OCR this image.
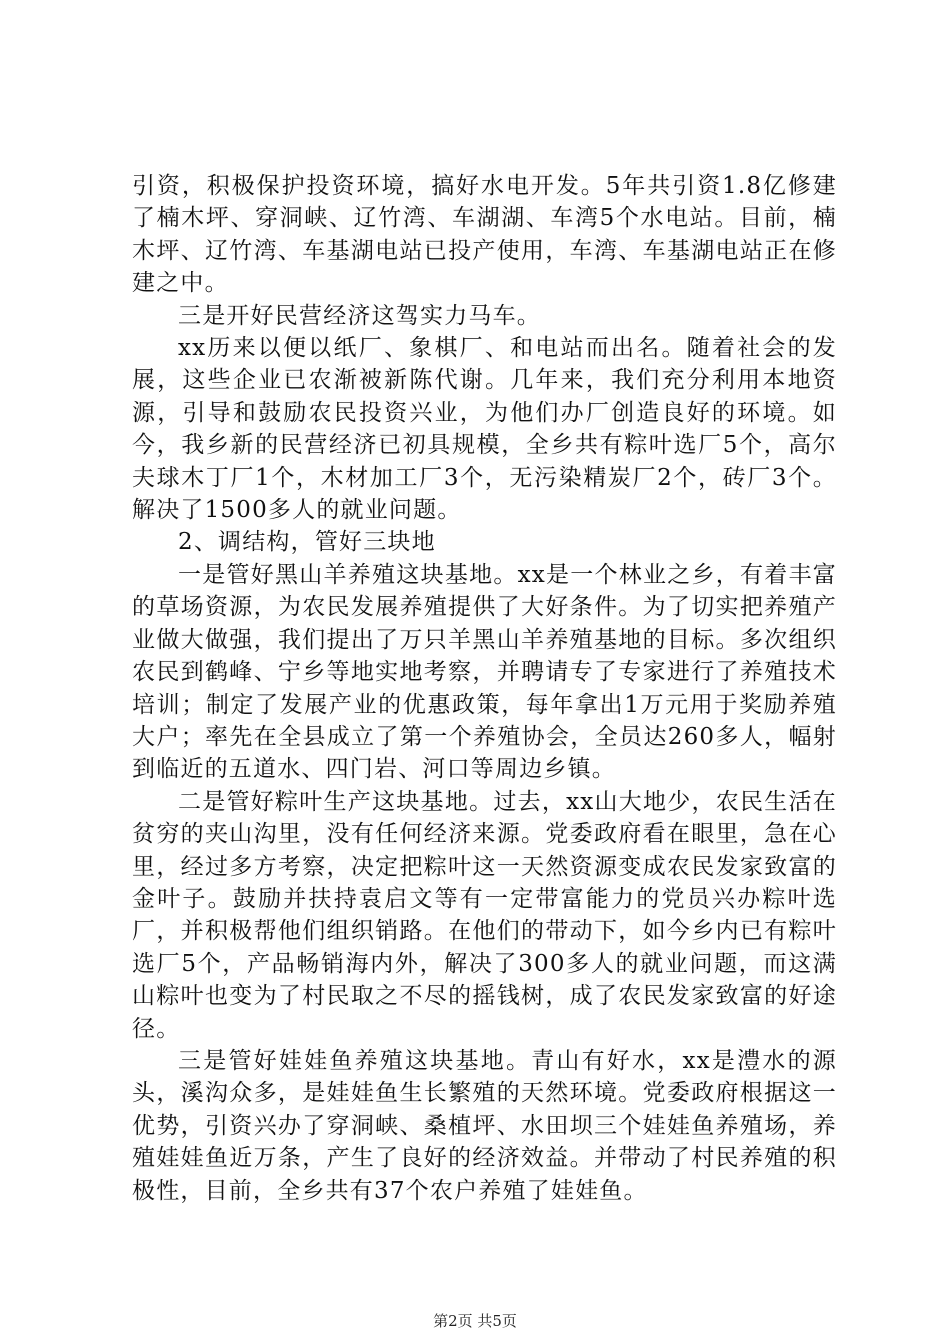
引资，积极保护投资环境，搞好水电开发。5年共引资1.8亿修建了楠木坪、穿洞峡、辽竹湾、车湖湖、车湾5个水电站。目前，楠木坪、辽竹湾、车基湖电站已投产使用，车湾、车基湖电站正在修建之中。

三是开好民营经济这驾实力马车。

xx历来以便以纸厂、象棋厂、和电站而出名。随着社会的发展，这些企业已农渐被新陈代谢。几年来，我们充分利用本地资源，引导和鼓励农民投资兴业，为他们办厂创造良好的环境。如今，我乡新的民营经济已初具规模，全乡共有粽叶选厂5个，高尔夫球木丁厂1个，木材加工厂3个，无污染精炭厂2个，砖厂3个。解决了1500多人的就业问题。

2、调结构，管好三块地

一是管好黑山羊养殖这块基地。xx是一个林业之乡，有着丰富的草场资源，为农民发展养殖提供了大好条件。为了切实把养殖产业做大做强，我们提出了万只羊黑山羊养殖基地的目标。多次组织农民到鹤峰、宁乡等地实地考察，并聘请专了专家进行了养殖技术培训；制定了发展产业的优惠政策，每年拿出1万元用于奖励养殖大户；率先在全县成立了第一个养殖协会，全员达260多人，幅射到临近的五道水、四门岩、河口等周边乡镇。

二是管好粽叶生产这块基地。过去，xx山大地少，农民生活在贫穷的夹山沟里，没有任何经济来源。党委政府看在眼里，急在心里，经过多方考察，决定把粽叶这一天然资源变成农民发家致富的金叶子。鼓励并扶持袁启文等有一定带富能力的党员兴办粽叶选厂，并积极帮他们组织销路。在他们的带动下，如今乡内已有粽叶选厂5个，产品畅销海内外，解决了300多人的就业问题，而这满山粽叶也变为了村民取之不尽的摇钱树，成了农民发家致富的好途径。

三是管好娃娃鱼养殖这块基地。青山有好水，xx是澧水的源头，溪沟众多，是娃娃鱼生长繁殖的天然环境。党委政府根据这一优势，引资兴办了穿洞峡、桑植坪、水田坝三个娃娃鱼养殖场，养殖娃娃鱼近万条，产生了良好的经济效益。并带动了村民养殖的积极性，目前，全乡共有37个农户养殖了娃娃鱼。

第2页 共5页
